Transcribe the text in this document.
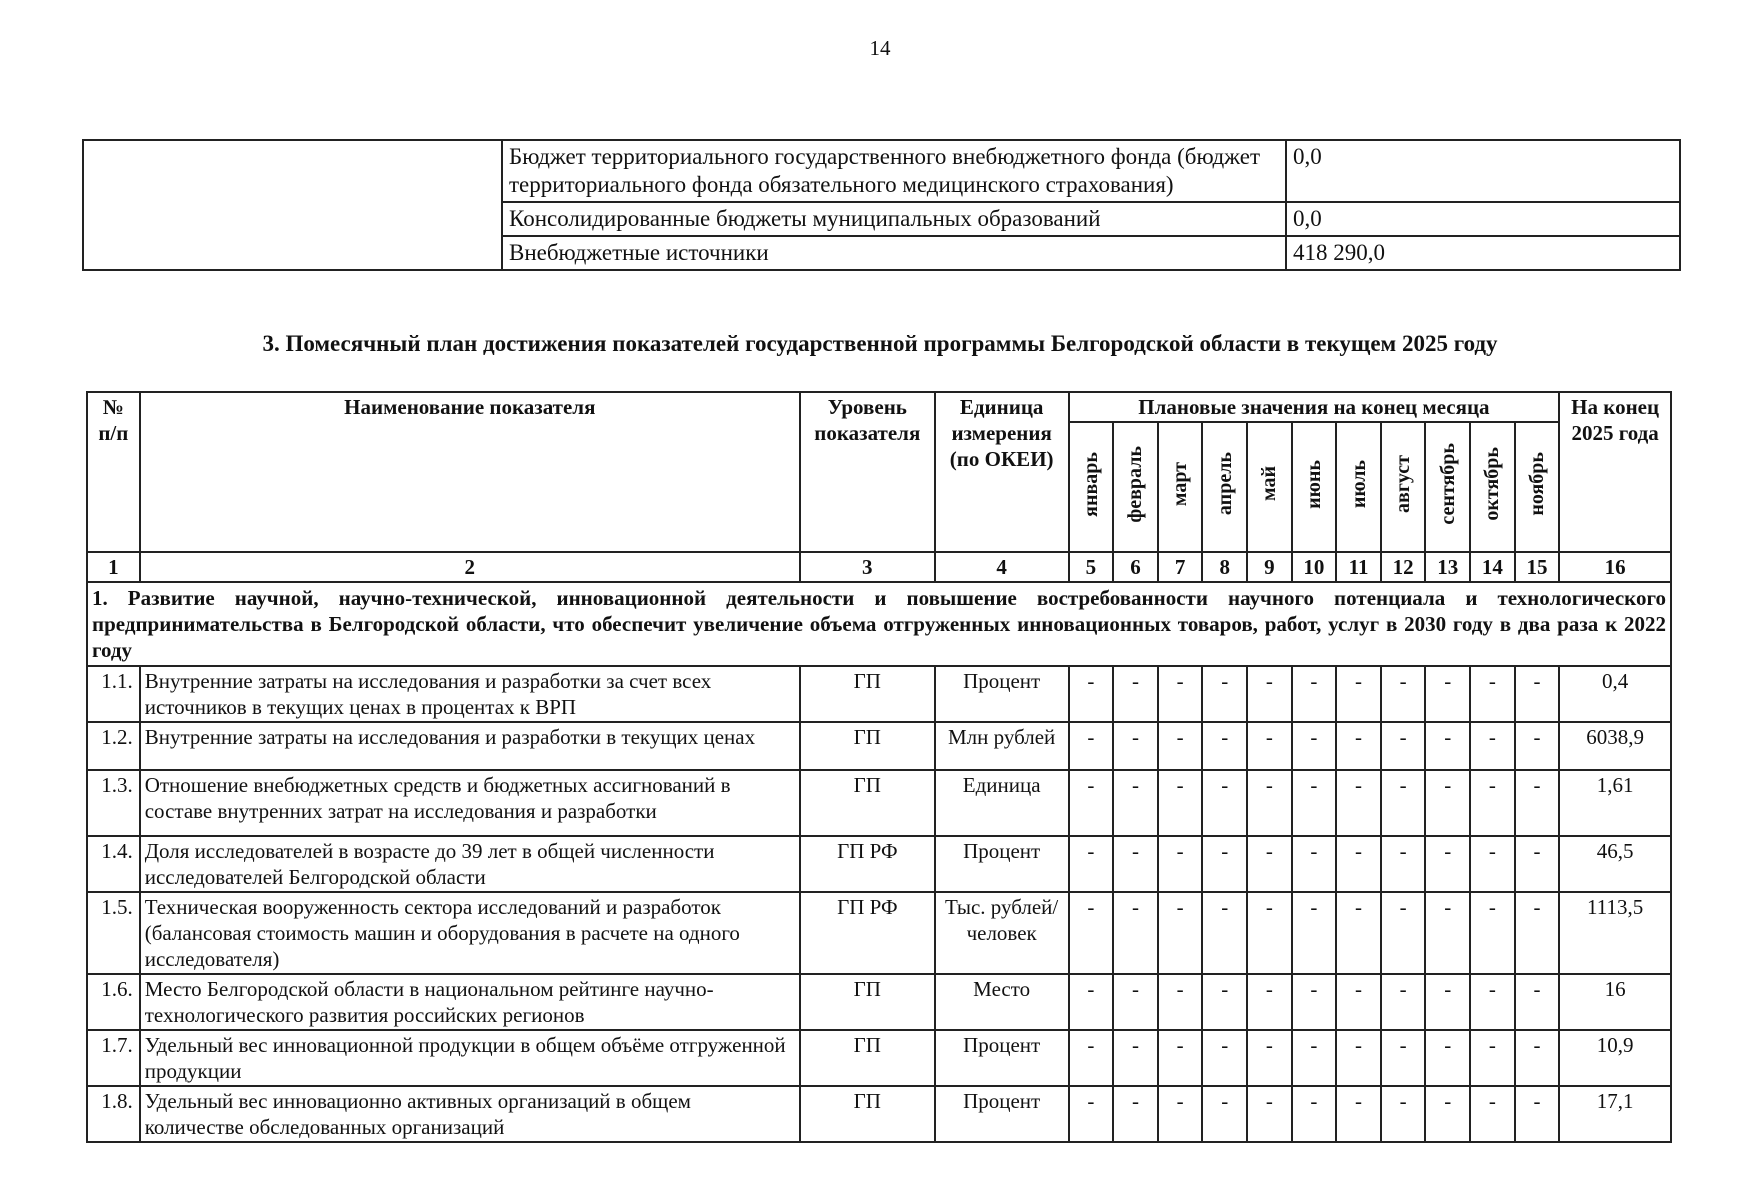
14
	Бюджет территориального государственного внебюджетного фонда (бюджет территориального фонда обязательного медицинского страхования)	0,0
	Консолидированные бюджеты муниципальных образований	0,0
	Внебюджетные источники	418 290,0
3. Помесячный план достижения показателей государственной программы Белгородской области в текущем 2025 году
№ п/п	Наименование показателя	Уровень показателя	Единица измерения (по ОКЕИ)	Плановые значения на конец месяца											На конец 2025 года
				январь	февраль	март	апрель	май	июнь	июль	август	сентябрь	октябрь	ноябрь	
1	2	3	4	5	6	7	8	9	10	11	12	13	14	15	16
1. Развитие научной, научно-технической, инновационной деятельности и повышение востребованности научного потенциала и технологического предпринимательства в Белгородской области, что обеспечит увеличение объема отгруженных инновационных товаров, работ, услуг в 2030 году в два раза к 2022 году															
1.1.	Внутренние затраты на исследования и разработки за счет всех источников в текущих ценах в процентах к ВРП	ГП	Процент	-	-	-	-	-	-	-	-	-	-	-	0,4
1.2.	Внутренние затраты на исследования и разработки в текущих ценах	ГП	Млн рублей	-	-	-	-	-	-	-	-	-	-	-	6038,9
1.3.	Отношение внебюджетных средств и бюджетных ассигнований в составе внутренних затрат на исследования и разработки	ГП	Единица	-	-	-	-	-	-	-	-	-	-	-	1,61
1.4.	Доля исследователей в возрасте до 39 лет в общей численности исследователей Белгородской области	ГП РФ	Процент	-	-	-	-	-	-	-	-	-	-	-	46,5
1.5.	Техническая вооруженность сектора исследований и разработок (балансовая стоимость машин и оборудования в расчете на одного исследователя)	ГП РФ	Тыс. рублей/ человек	-	-	-	-	-	-	-	-	-	-	-	1113,5
1.6.	Место Белгородской области в национальном рейтинге научно-технологического развития российских регионов	ГП	Место	-	-	-	-	-	-	-	-	-	-	-	16
1.7.	Удельный вес инновационной продукции в общем объёме отгруженной продукции	ГП	Процент	-	-	-	-	-	-	-	-	-	-	-	10,9
1.8.	Удельный вес инновационно активных организаций в общем количестве обследованных организаций	ГП	Процент	-	-	-	-	-	-	-	-	-	-	-	17,1
